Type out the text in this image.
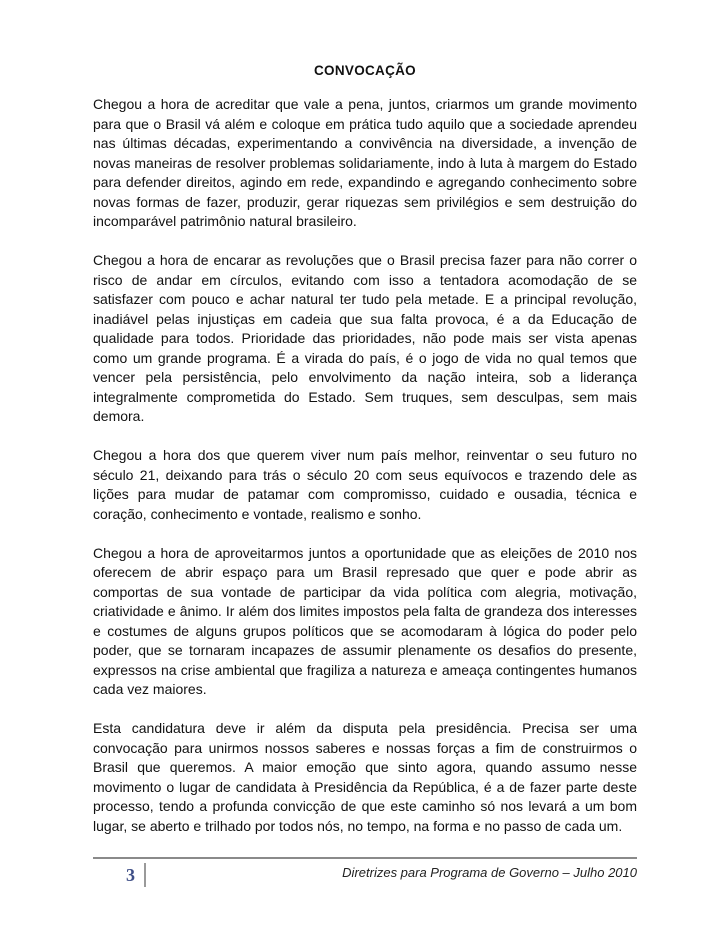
CONVOCAÇÃO

Chegou a hora de acreditar que vale a pena, juntos, criarmos um grande movimento para que o Brasil vá além e coloque em prática tudo aquilo que a sociedade aprendeu nas últimas décadas, experimentando a convivência na diversidade, a invenção de novas maneiras de resolver problemas solidariamente, indo à luta à margem do Estado para defender direitos, agindo em rede, expandindo e agregando conhecimento sobre novas formas de fazer, produzir, gerar riquezas sem privilégios e sem destruição do incomparável patrimônio natural brasileiro.

Chegou a hora de encarar as revoluções que o Brasil precisa fazer para não correr o risco de andar em círculos, evitando com isso a tentadora acomodação de se satisfazer com pouco e achar natural ter tudo pela metade. E a principal revolução, inadiável pelas injustiças em cadeia que sua falta provoca, é a da Educação de qualidade para todos. Prioridade das prioridades, não pode mais ser vista apenas como um grande programa. É a virada do país, é o jogo de vida no qual temos que vencer pela persistência, pelo envolvimento da nação inteira, sob a liderança integralmente comprometida do Estado. Sem truques, sem desculpas, sem mais demora.

Chegou a hora dos que querem viver num país melhor, reinventar o seu futuro no século 21, deixando para trás o século 20 com seus equívocos e trazendo dele as lições para mudar de patamar com compromisso, cuidado e ousadia, técnica e coração, conhecimento e vontade, realismo e sonho.

Chegou a hora de aproveitarmos juntos a oportunidade que as eleições de 2010 nos oferecem de abrir espaço para um Brasil represado que quer e pode abrir as comportas de sua vontade de participar da vida política com alegria, motivação, criatividade e ânimo. Ir além dos limites impostos pela falta de grandeza dos interesses e costumes de alguns grupos políticos que se acomodaram à lógica do poder pelo poder, que se tornaram incapazes de assumir plenamente os desafios do presente, expressos na crise ambiental que fragiliza a natureza e ameaça contingentes humanos cada vez maiores.

Esta candidatura deve ir além da disputa pela presidência. Precisa ser uma convocação para unirmos nossos saberes e nossas forças a fim de construirmos o Brasil que queremos. A maior emoção que sinto agora, quando assumo nesse movimento o lugar de candidata à Presidência da República, é a de fazer parte deste processo, tendo a profunda convicção de que este caminho só nos levará a um bom lugar, se aberto e trilhado por todos nós, no tempo, na forma e no passo de cada um.

3	Diretrizes para Programa de Governo – Julho 2010
